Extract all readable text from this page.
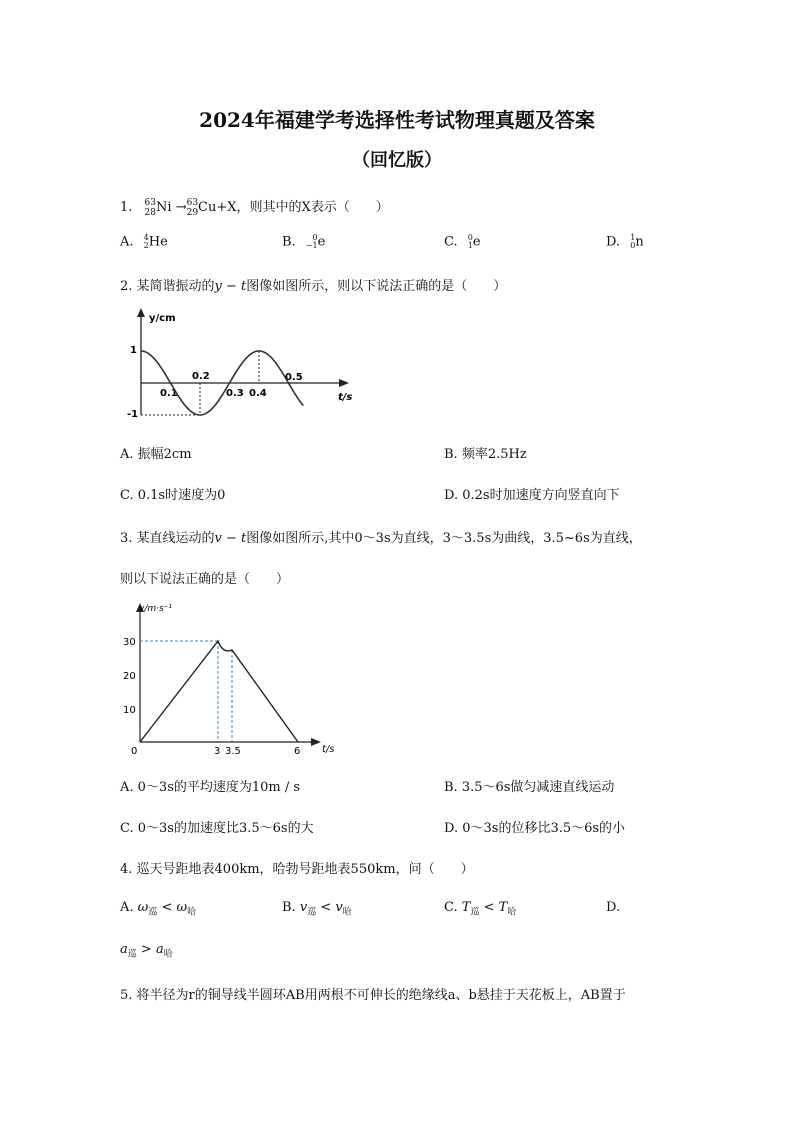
2024年福建学考选择性考试物理真题及答案
（回忆版）
1. 63
28Ni →63
29Cu+X，则其中的X表示（　　）
A. 4
2He	B. 0
−1e	C. 0
1e	D. 1
0n
2. 某简谐振动的y − t图像如图所示，则以下说法正确的是（　　）
y/cm
t/s
1
-1
0.1
0.2
0.3 0.4
0.5
A. 振幅2cm	B. 频率2.5Hz
C. 0.1s时速度为0	D. 0.2s时加速度方向竖直向下
3. 某直线运动的v − t图像如图所示,其中0～3s为直线，3～3.5s为曲线，3.5~6s为直线，
则以下说法正确的是（　　）
v/m·s⁻¹
t/s
30
20
10
0	3 3.5	6
A. 0～3s的平均速度为10m / s	B. 3.5～6s做匀减速直线运动
C. 0～3s的加速度比3.5～6s的大	D. 0～3s的位移比3.5～6s的小
4. 巡天号距地表400km，哈勃号距地表550km，问（　　）
A. $\omega_巡 < \omega_哈$	B. $v_巡 < v_哈$	C. $T_巡 < T_哈$	D.
$a_巡 > a_哈$
5. 将半径为r的铜导线半圆环AB用两根不可伸长的绝缘线a、b悬挂于天花板上，AB置于
